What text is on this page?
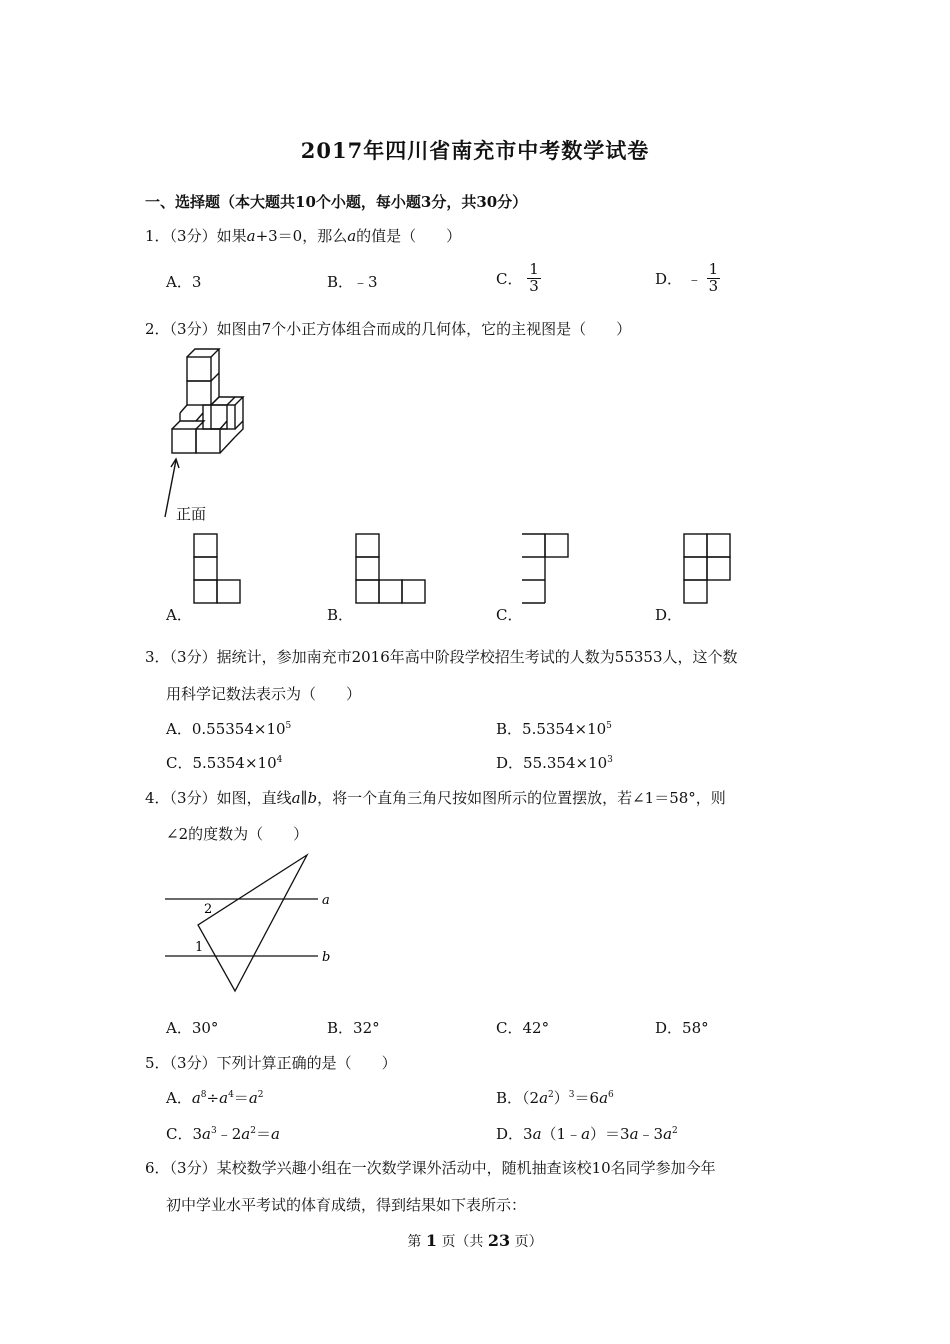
2017年四川省南充市中考数学试卷
一、选择题（本大题共10个小题，每小题3分，共30分）
1．（3分）如果a+3＝0，那么a的值是（　　）
A．3	B．﹣3	C． $\frac{1}{3}$	D． ﹣ $\frac{1}{3}$
2．（3分）如图由7个小正方体组合而成的几何体，它的主视图是（　　）
正面
A．	B．	C．	D．
3．（3分）据统计，参加南充市2016年高中阶段学校招生考试的人数为55353人，这个数
用科学记数法表示为（　　）
A．$0.55354\times 10^5$	B．$5.5354\times 10^5$
C．$5.5354\times 10^4$	D．$55.354\times 10^3$
4．（3分）如图，直线a∥b，将一个直角三角尺按如图所示的位置摆放，若∠1＝58°，则
∠2的度数为（　　）
a
b
2
1
A．30°	B．32°	C．42°	D．58°
5．（3分）下列计算正确的是（　　）
A．$a^8\div a^4=a^2$	B．$(2a^2)^3=6a^6$
C．$3a^3﹣2a^2=a$	D．$3a(1﹣a)=3a﹣3a^2$
6．（3分）某校数学兴趣小组在一次数学课外活动中，随机抽查该校10名同学参加今年
初中学业水平考试的体育成绩，得到结果如下表所示：
第 1 页（共 23 页）
